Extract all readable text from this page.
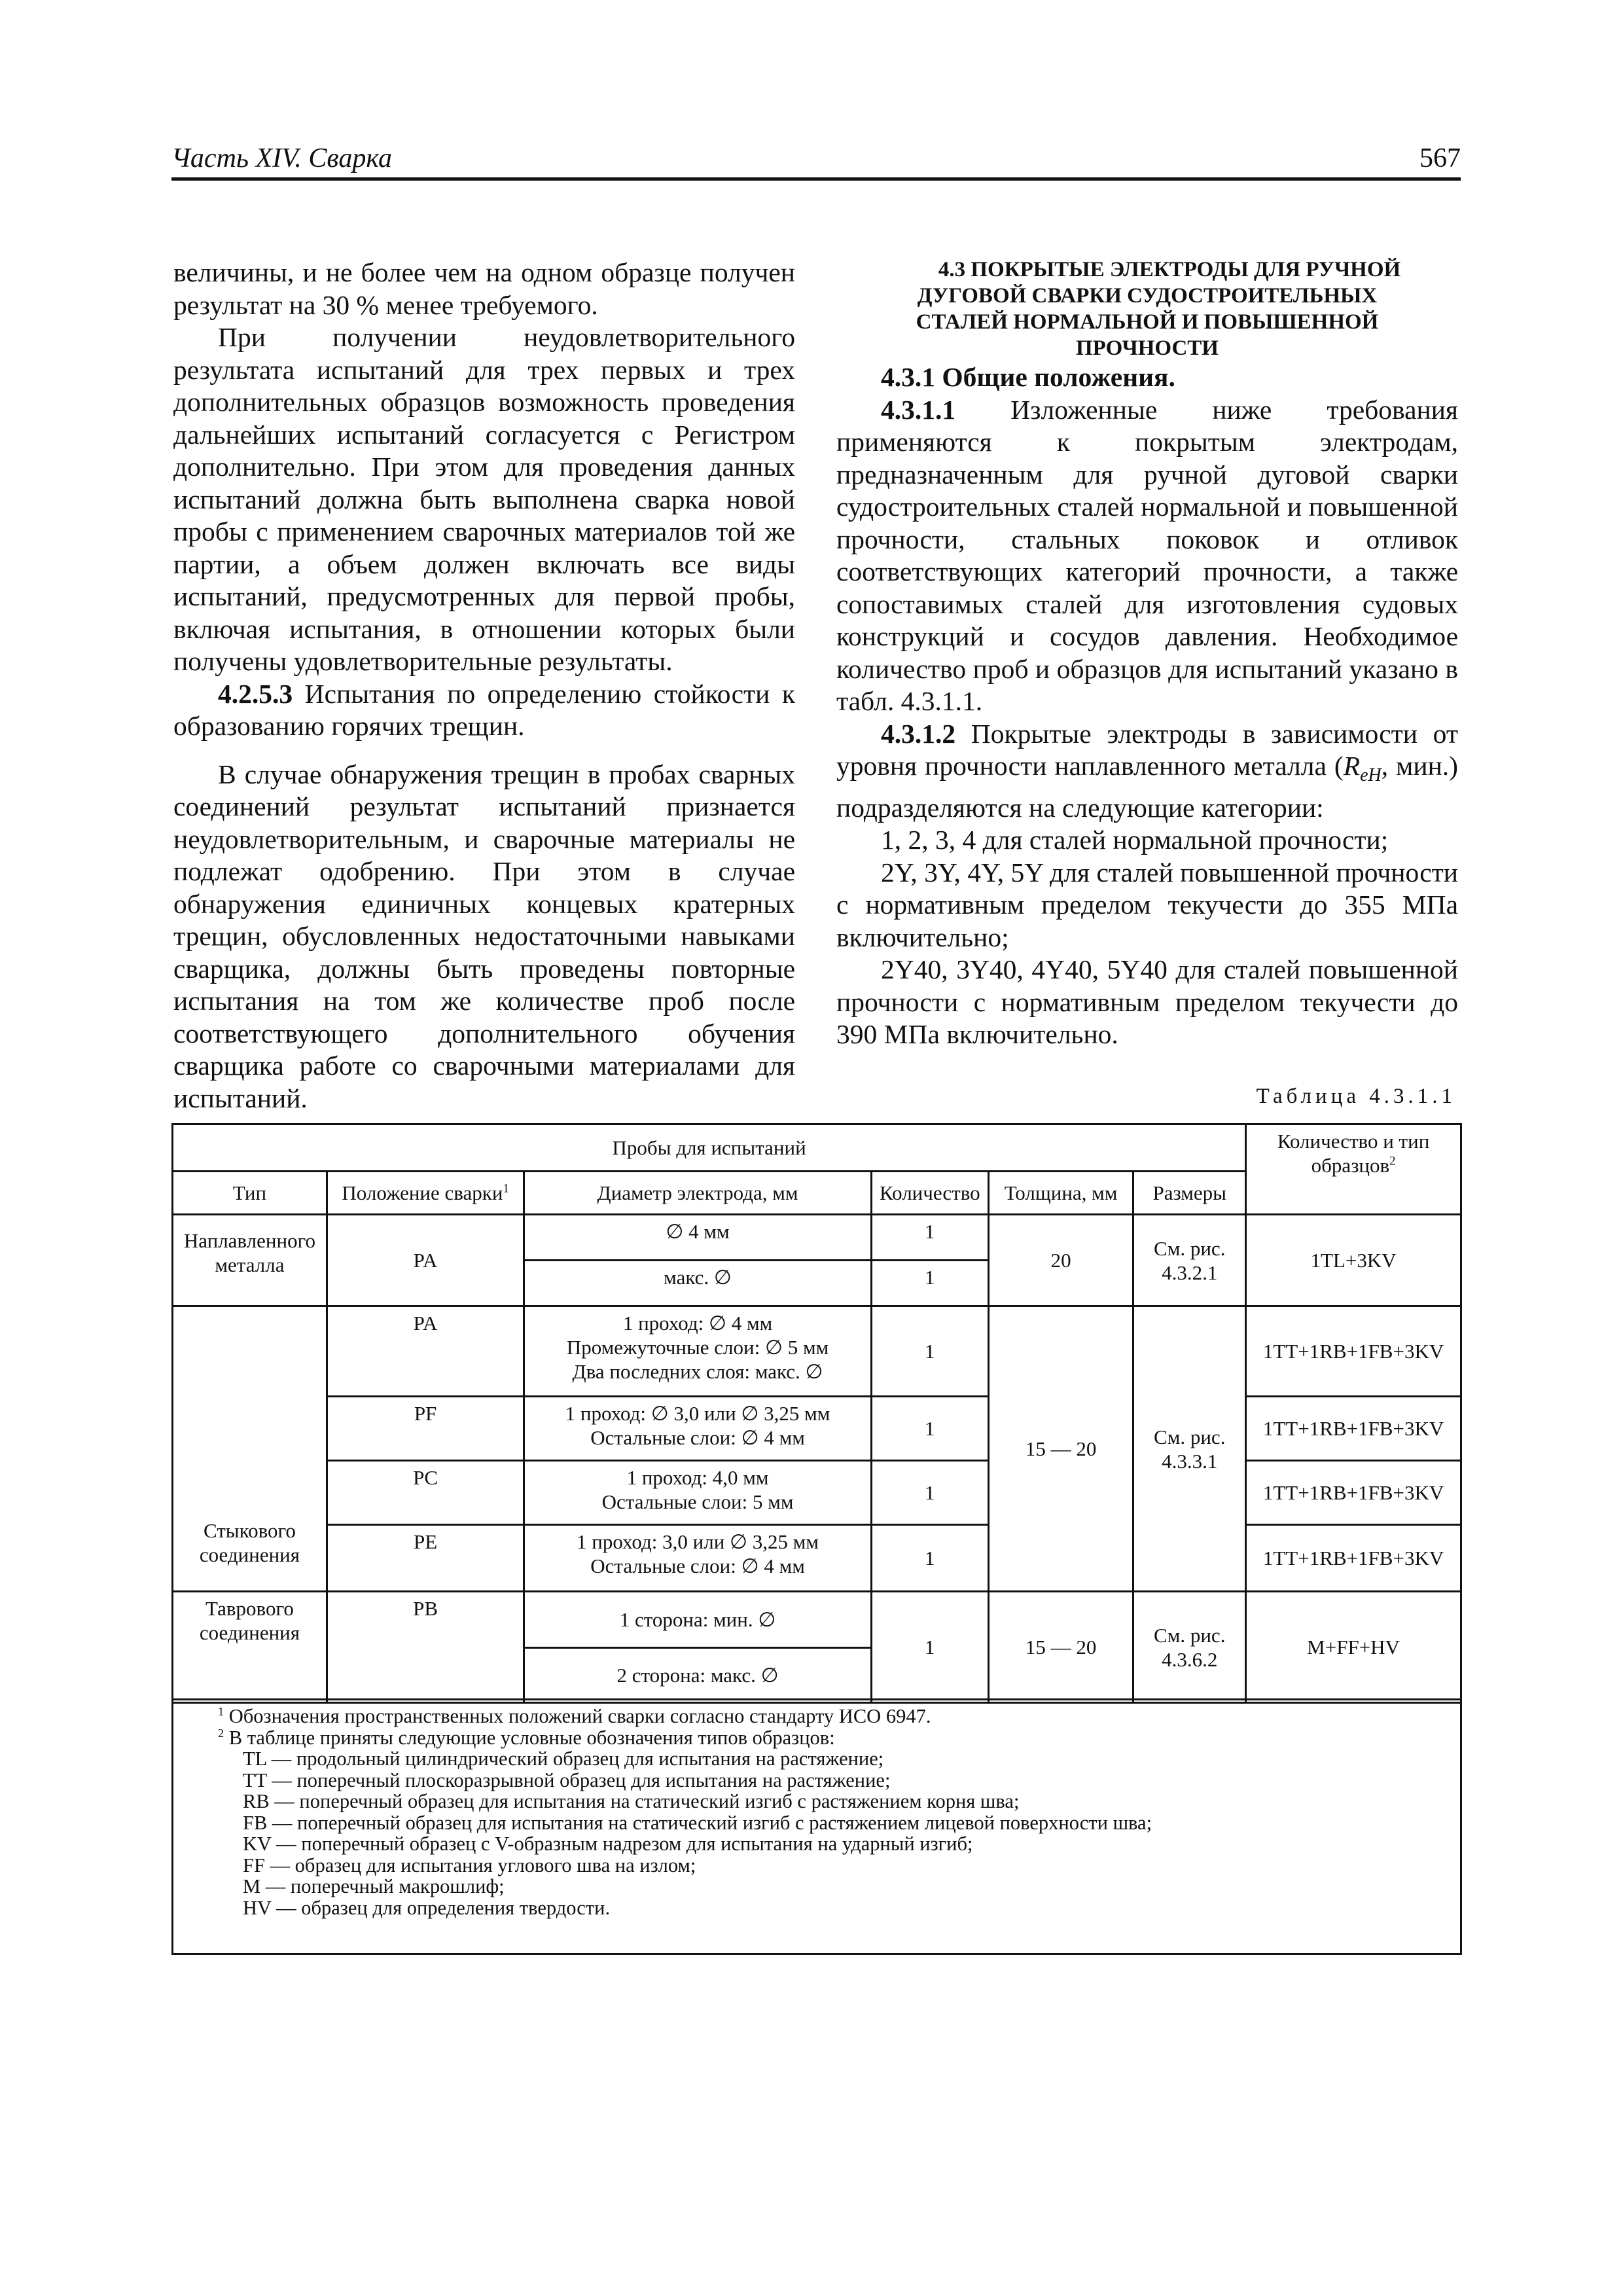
Часть XIV. Сварка	567

величины, и не более чем на одном образце получен результат на 30 % менее требуемого.

При получении неудовлетворительного результата испытаний для трех первых и трех дополнительных образцов возможность проведения дальнейших испытаний согласуется с Регистром дополнительно. При этом для проведения данных испытаний должна быть выполнена сварка новой пробы с применением сварочных материалов той же партии, а объем должен включать все виды испытаний, предусмотренных для первой пробы, включая испытания, в отношении которых были получены удовлетворительные результаты.

4.2.5.3 Испытания по определению стойкости к образованию горячих трещин.

В случае обнаружения трещин в пробах сварных соединений результат испытаний признается неудовлетворительным, и сварочные материалы не подлежат одобрению. При этом в случае обнаружения единичных концевых кратерных трещин, обусловленных недостаточными навыками сварщика, должны быть проведены повторные испытания на том же количестве проб после соответствующего дополнительного обучения сварщика работе со сварочными материалами для испытаний.

4.3 ПОКРЫТЫЕ ЭЛЕКТРОДЫ ДЛЯ РУЧНОЙ ДУГОВОЙ СВАРКИ СУДОСТРОИТЕЛЬНЫХ СТАЛЕЙ НОРМАЛЬНОЙ И ПОВЫШЕННОЙ ПРОЧНОСТИ

4.3.1 Общие положения.

4.3.1.1 Изложенные ниже требования применяются к покрытым электродам, предназначенным для ручной дуговой сварки судостроительных сталей нормальной и повышенной прочности, стальных поковок и отливок соответствующих категорий прочности, а также сопоставимых сталей для изготовления судовых конструкций и сосудов давления. Необходимое количество проб и образцов для испытаний указано в табл. 4.3.1.1.

4.3.1.2 Покрытые электроды в зависимости от уровня прочности наплавленного металла ($R_{eH}$, мин.) подразделяются на следующие категории:

1, 2, 3, 4 для сталей нормальной прочности;

2Y, 3Y, 4Y, 5Y для сталей повышенной прочности с нормативным пределом текучести до 355 МПа включительно;

2Y40, 3Y40, 4Y40, 5Y40 для сталей повышенной прочности с нормативным пределом текучести до 390 МПа включительно.

Таблица 4.3.1.1
Пробы для испытаний						Количество и тип образцов$^2$
Тип	Положение сварки$^1$	Диаметр электрода, мм	Количество	Толщина, мм	Размеры	
Наплавленного металла	PA	∅ 4 мм	1	20	См. рис. 4.3.2.1	1TL+3KV
		макс. ∅	1			
Стыкового соединения	PA	1 проход: ∅ 4 мм
Промежуточные слои: ∅ 5 мм
Два последних слоя: макс. ∅	1	15 — 20	См. рис. 4.3.3.1	1TT+1RB+1FB+3KV
	PF	1 проход: ∅ 3,0 или ∅ 3,25 мм
Остальные слои: ∅ 4 мм	1			1TT+1RB+1FB+3KV
	PC	1 проход: 4,0 мм
Остальные слои: 5 мм	1			1TT+1RB+1FB+3KV
	PE	1 проход: 3,0 или ∅ 3,25 мм
Остальные слои: ∅ 4 мм	1			1TT+1RB+1FB+3KV
Таврового соединения	PB	1 сторона: мин. ∅	1	15 — 20	См. рис. 4.3.6.2	M+FF+HV
		2 сторона: макс. ∅				
$^1$ Обозначения пространственных положений сварки согласно стандарту ИСО 6947.
$^2$ В таблице приняты следующие условные обозначения типов образцов:
TL — продольный цилиндрический образец для испытания на растяжение;
TT — поперечный плоскоразрывной образец для испытания на растяжение;
RB — поперечный образец для испытания на статический изгиб с растяжением корня шва;
FB — поперечный образец для испытания на статический изгиб с растяжением лицевой поверхности шва;
KV — поперечный образец с V-образным надрезом для испытания на ударный изгиб;
FF — образец для испытания углового шва на излом;
M — поперечный макрошлиф;
HV — образец для определения твердости.
